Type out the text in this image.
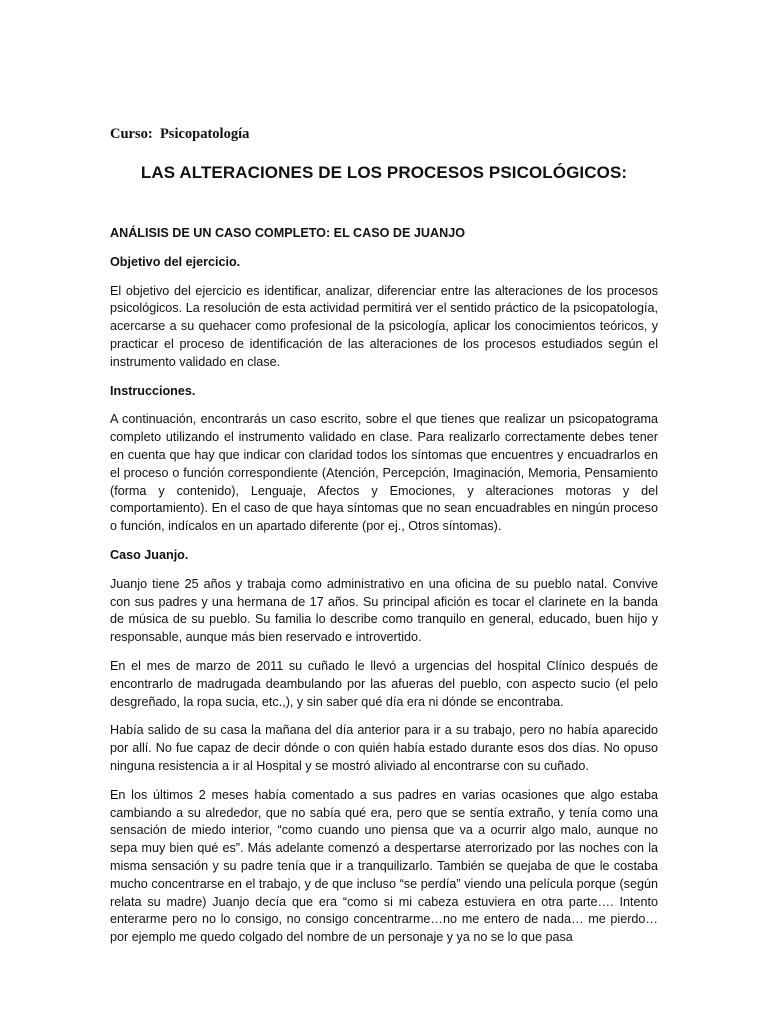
Curso:  Psicopatología
LAS ALTERACIONES DE LOS PROCESOS PSICOLÓGICOS:

ANÁLISIS DE UN CASO COMPLETO: EL CASO DE JUANJO

Objetivo del ejercicio.

El objetivo del ejercicio es identificar, analizar, diferenciar entre las alteraciones de los procesos psicológicos. La resolución de esta actividad permitirá ver el sentido práctico de la psicopatología, acercarse a su quehacer como profesional de la psicología, aplicar los conocimientos teóricos, y practicar el proceso de identificación de las alteraciones de los procesos estudiados según el instrumento validado en clase.

Instrucciones.

A continuación, encontrarás un caso escrito, sobre el que tienes que realizar un psicopatograma completo utilizando el instrumento validado en clase. Para realizarlo correctamente debes tener en cuenta que hay que indicar con claridad todos los síntomas que encuentres y encuadrarlos en el proceso o función correspondiente (Atención, Percepción, Imaginación, Memoria, Pensamiento (forma y contenido), Lenguaje, Afectos y Emociones, y alteraciones motoras y del comportamiento). En el caso de que haya síntomas que no sean encuadrables en ningún proceso o función, indícalos en un apartado diferente (por ej., Otros síntomas).

Caso Juanjo.

Juanjo tiene 25 años y trabaja como administrativo en una oficina de su pueblo natal. Convive con sus padres y una hermana de 17 años. Su principal afición es tocar el clarinete en la banda de música de su pueblo. Su familia lo describe como tranquilo en general, educado, buen hijo y responsable, aunque más bien reservado e introvertido.

En el mes de marzo de 2011 su cuñado le llevó a urgencias del hospital Clínico después de encontrarlo de madrugada deambulando por las afueras del pueblo, con aspecto sucio (el pelo desgreñado, la ropa sucia, etc.,), y sin saber qué día era ni dónde se encontraba.

Había salido de su casa la mañana del día anterior para ir a su trabajo, pero no había aparecido por allí. No fue capaz de decir dónde o con quién había estado durante esos dos días. No opuso ninguna resistencia a ir al Hospital y se mostró aliviado al encontrarse con su cuñado.

En los últimos 2 meses había comentado a sus padres en varias ocasiones que algo estaba cambiando a su alrededor, que no sabía qué era, pero que se sentía extraño, y tenía como una sensación de miedo interior, “como cuando uno piensa que va a ocurrir algo malo, aunque no sepa muy bien qué es”. Más adelante comenzó a despertarse aterrorizado por las noches con la misma sensación y su padre tenía que ir a tranquilizarlo. También se quejaba de que le costaba mucho concentrarse en el trabajo, y de que incluso “se perdía” viendo una película porque (según relata su madre) Juanjo decía que era “como si mi cabeza estuviera en otra parte…. Intento enterarme pero no lo consigo, no consigo concentrarme…no me entero de nada… me pierdo… por ejemplo me quedo colgado del nombre de un personaje y ya no se lo que pasa
